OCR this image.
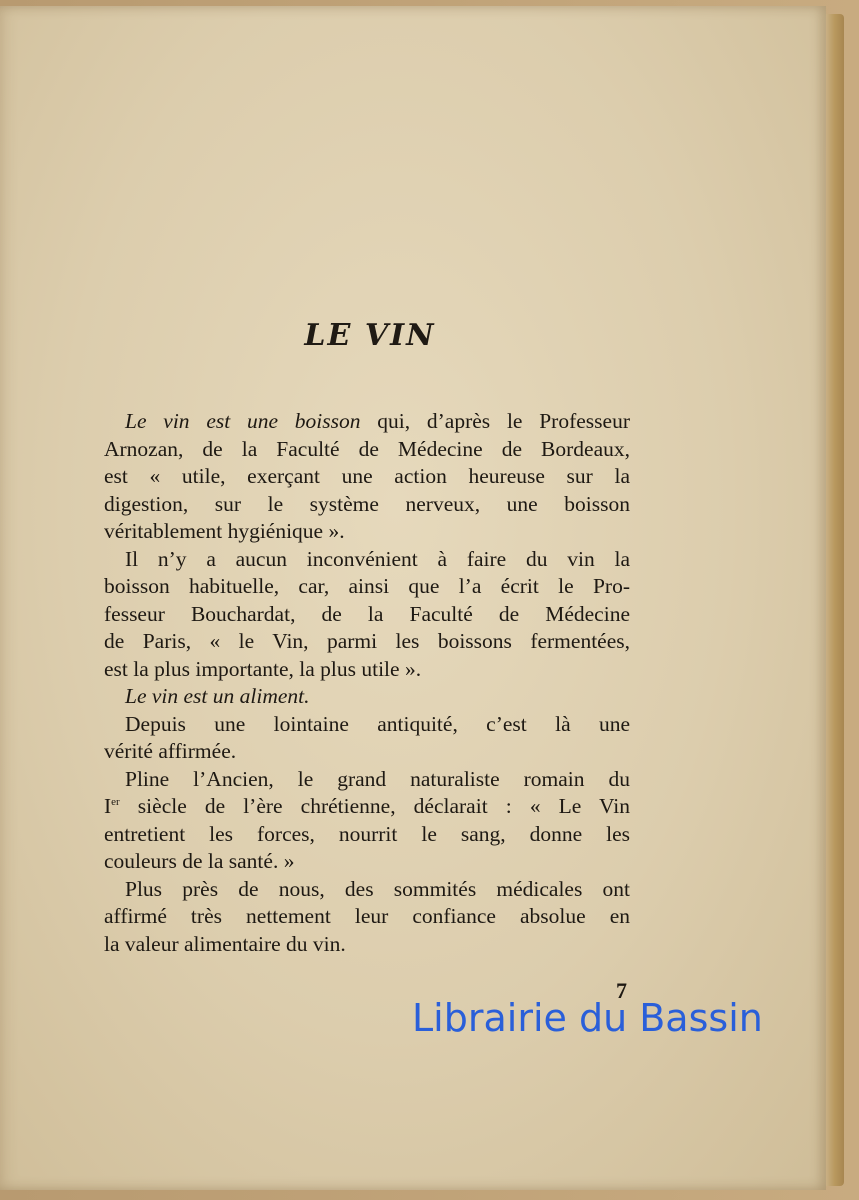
LE VIN
Le vin est une boisson qui, d’après le Professeur
Arnozan, de la Faculté de Médecine de Bordeaux,
est « utile, exerçant une action heureuse sur la
digestion, sur le système nerveux, une boisson
véritablement hygiénique ».
Il n’y a aucun inconvénient à faire du vin la
boisson habituelle, car, ainsi que l’a écrit le Pro-
fesseur Bouchardat, de la Faculté de Médecine
de Paris, « le Vin, parmi les boissons fermentées,
est la plus importante, la plus utile ».
Le vin est un aliment.
Depuis une lointaine antiquité, c’est là une
vérité affirmée.
Pline l’Ancien, le grand naturaliste romain du
Ier siècle de l’ère chrétienne, déclarait : « Le Vin
entretient les forces, nourrit le sang, donne les
couleurs de la santé. »
Plus près de nous, des sommités médicales ont
affirmé très nettement leur confiance absolue en
la valeur alimentaire du vin.
7
Librairie du Bassin
